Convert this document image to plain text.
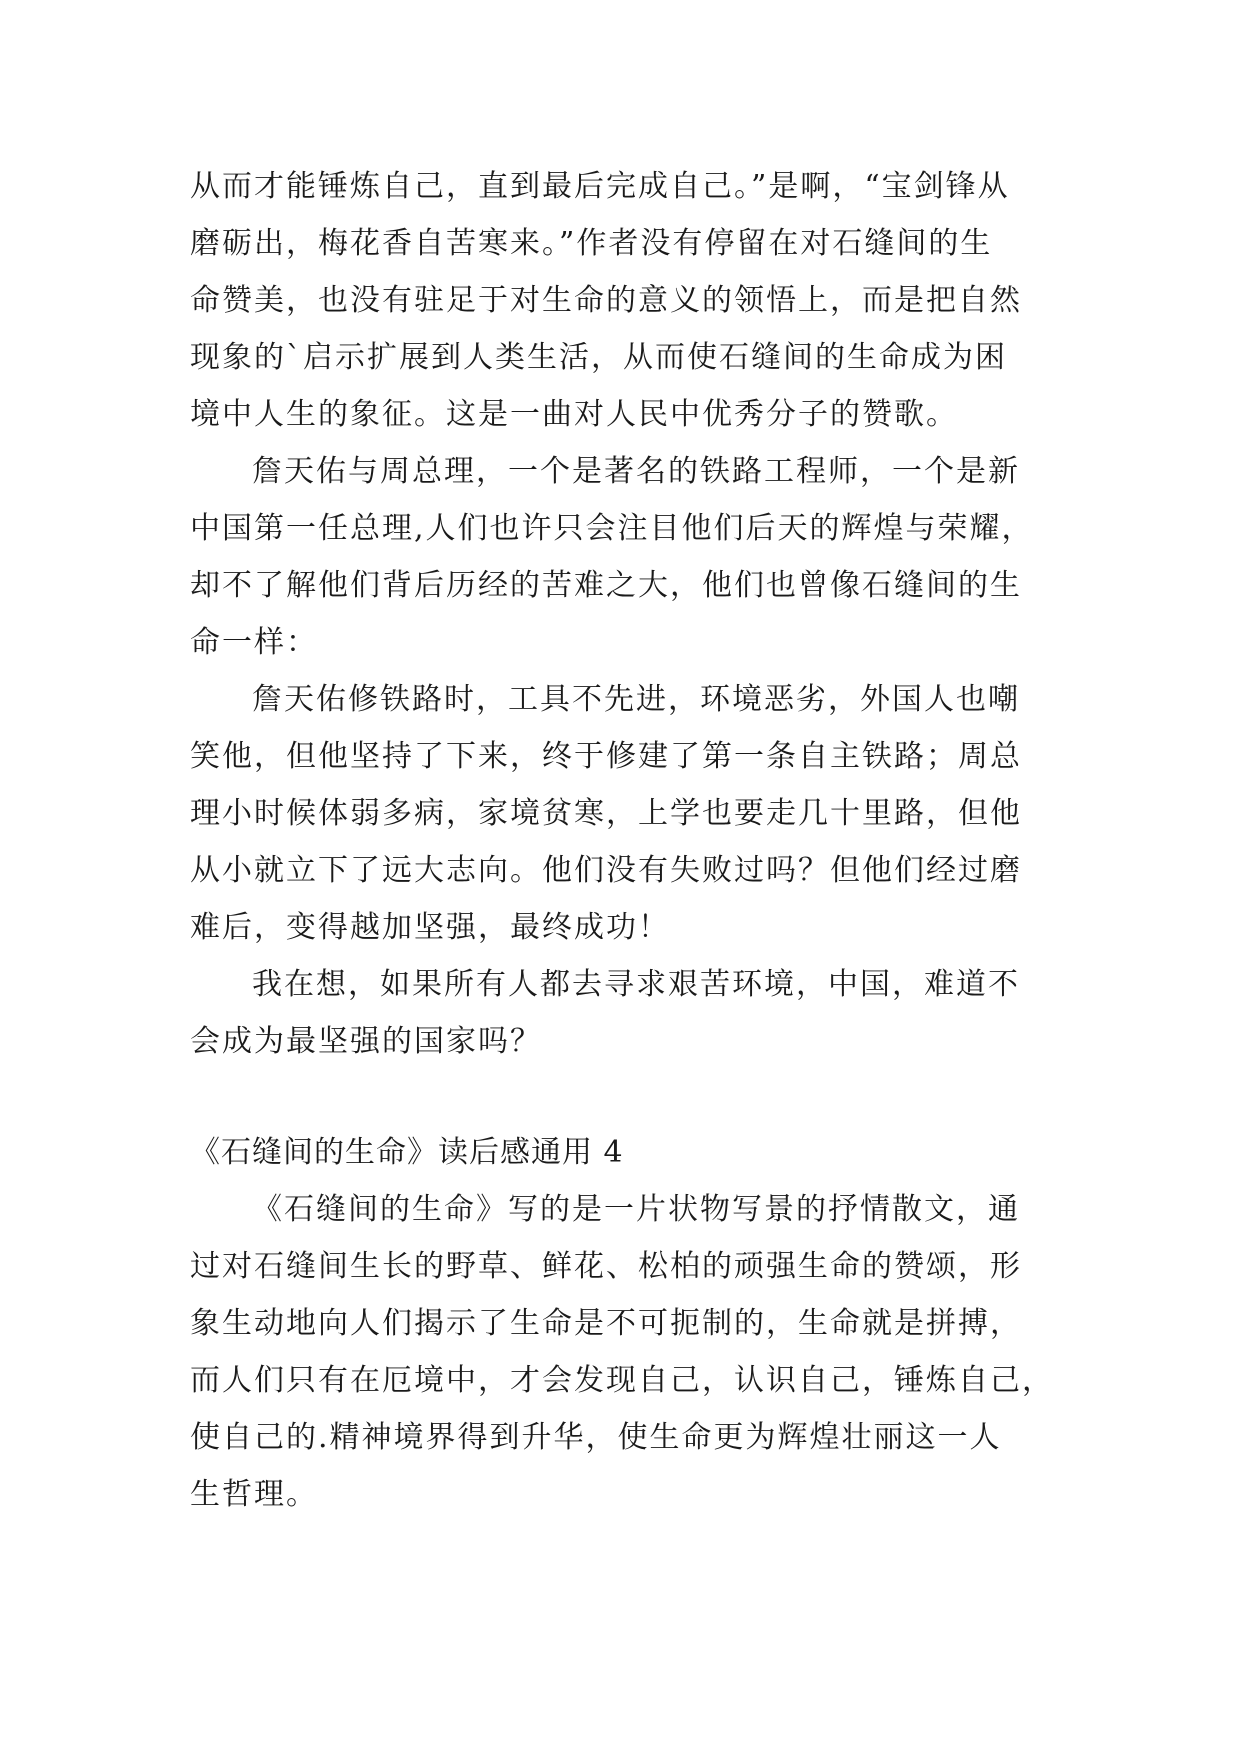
从而才能锤炼自己，直到最后完成自己。”是啊，“宝剑锋从
磨砺出，梅花香自苦寒来。”作者没有停留在对石缝间的生
命赞美，也没有驻足于对生命的意义的领悟上，而是把自然
现象的`启示扩展到人类生活，从而使石缝间的生命成为困
境中人生的象征。这是一曲对人民中优秀分子的赞歌。
詹天佑与周总理，一个是著名的铁路工程师，一个是新
中国第一任总理,人们也许只会注目他们后天的辉煌与荣耀，
却不了解他们背后历经的苦难之大，他们也曾像石缝间的生
命一样：
詹天佑修铁路时，工具不先进，环境恶劣，外国人也嘲
笑他，但他坚持了下来，终于修建了第一条自主铁路；周总
理小时候体弱多病，家境贫寒，上学也要走几十里路，但他
从小就立下了远大志向。他们没有失败过吗？但他们经过磨
难后，变得越加坚强，最终成功！
我在想，如果所有人都去寻求艰苦环境，中国，难道不
会成为最坚强的国家吗？
《石缝间的生命》读后感通用 4
《石缝间的生命》写的是一片状物写景的抒情散文，通
过对石缝间生长的野草、鲜花、松柏的顽强生命的赞颂，形
象生动地向人们揭示了生命是不可扼制的，生命就是拼搏，
而人们只有在厄境中，才会发现自己，认识自己，锤炼自己，
使自己的.精神境界得到升华，使生命更为辉煌壮丽这一人
生哲理。
